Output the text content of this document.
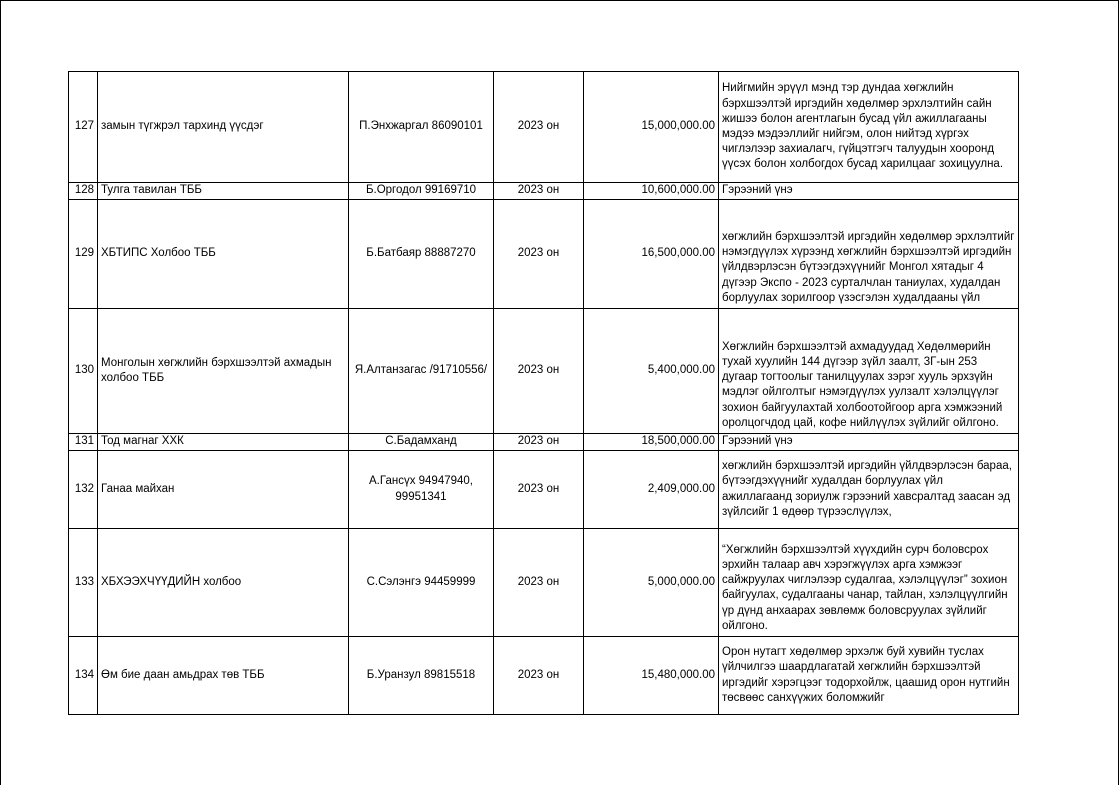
127	замын түгжрэл тархинд үүсдэг	П.Энхжаргал 86090101	2023 он	15,000,000.00	Нийгмийн эрүүл мэнд тэр дундаа хөгжлийн бэрхшээлтэй иргэдийн хөдөлмөр эрхлэлтийн сайн жишээ болон агентлагын бусад үйл ажиллагааны мэдээ мэдээллийг нийгэм, олон нийтэд хүргэх чиглэлээр захиалагч, гүйцэтгэгч талуудын хооронд үүсэх болон холбогдох бусад харилцааг зохицуулна.
128	Тулга тавилан ТББ	Б.Оргодол 99169710	2023 он	10,600,000.00	Гэрээний үнэ
129	ХБТИПС Холбоо ТББ	Б.Батбаяр 88887270	2023 он	16,500,000.00	хөгжлийн бэрхшээлтэй иргэдийн хөдөлмөр эрхлэлтийг нэмэгдүүлэх хүрээнд хөгжлийн бэрхшээлтэй иргэдийн үйлдвэрлэсэн бүтээгдэхүүнийг Монгол хятадыг 4 дүгээр Экспо - 2023 сурталчлан таниулах, худалдан борлуулах зорилгоор үзэсгэлэн худалдааны үйл
130	Монголын хөгжлийн бэрхшээлтэй ахмадын холбоо ТББ	Я.Алтанзагас /91710556/	2023 он	5,400,000.00	Хөгжлийн бэрхшээлтэй ахмадуудад Хөдөлмөрийн тухай хуулийн 144 дүгээр зүйл заалт, 3Г-ын 253 дугаар тогтоолыг танилцуулах зэрэг хууль эрхзүйн мэдлэг ойлголтыг нэмэгдүүлэх уулзалт хэлэлцүүлэг зохион байгуулахтай холбоотойгоор арга хэмжээний оролцогчдод цай, кофе нийлүүлэх зүйлийг ойлгоно.
131	Тод магнаг ХХК	С.Бадамханд	2023 он	18,500,000.00	Гэрээний үнэ
132	Ганаа майхан	А.Гансүх 94947940, 99951341	2023 он	2,409,000.00	хөгжлийн бэрхшээлтэй иргэдийн үйлдвэрлэсэн бараа, бүтээгдэхүүнийг худалдан борлуулах үйл ажиллагаанд зориулж гэрээний хавсралтад заасан эд зүйлсийг 1 өдөөр түрээслүүлэх,
133	ХБХЭЭХЧҮҮДИЙН холбоо	С.Сэлэнгэ 94459999	2023 он	5,000,000.00	“Хөгжлийн бэрхшээлтэй хүүхдийн сурч боловсрох эрхийн талаар авч хэрэгжүүлэх арга хэмжээг сайжруулах чиглэлээр судалгаа, хэлэлцүүлэг” зохион байгуулах, судалгааны чанар, тайлан, хэлэлцүүлгийн үр дүнд анхаарах зөвлөмж боловсруулах зүйлийг ойлгоно.
134	Өм бие даан амьдрах төв ТББ	Б.Уранзул 89815518	2023 он	15,480,000.00	Орон нутагт хөдөлмөр эрхэлж буй хувийн туслах үйлчилгээ шаардлагатай хөгжлийн бэрхшээлтэй иргэдийг хэрэгцээг тодорхойлж, цаашид орон нутгийн төсвөөс санхүүжих боломжийг
